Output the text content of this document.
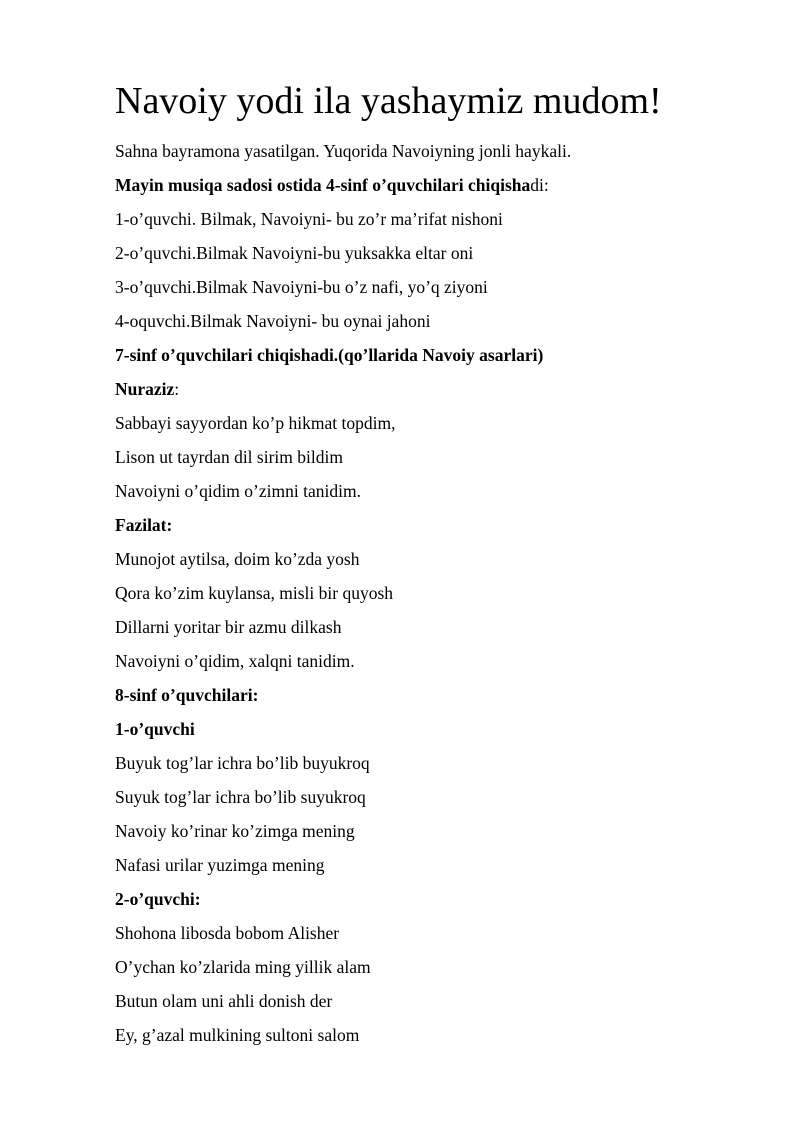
Navoiy yodi ila yashaymiz mudom!
Sahna bayramona yasatilgan. Yuqorida Navoiyning jonli haykali.
Mayin musiqa sadosi ostida 4-sinf o’quvchilari chiqishadi:
1-o’quvchi. Bilmak, Navoiyni- bu zo’r ma’rifat nishoni
2-o’quvchi.Bilmak Navoiyni-bu yuksakka eltar oni
3-o’quvchi.Bilmak Navoiyni-bu o’z nafi, yo’q ziyoni
4-oquvchi.Bilmak Navoiyni- bu oynai jahoni
7-sinf o’quvchilari chiqishadi.(qo’llarida Navoiy asarlari)
Nuraziz:
Sabbayi sayyordan ko’p hikmat topdim,
Lison ut tayrdan dil sirim bildim
Navoiyni o’qidim o’zimni tanidim.
Fazilat:
Munojot aytilsa, doim ko’zda yosh
Qora ko’zim kuylansa, misli bir quyosh
Dillarni yoritar bir azmu dilkash
Navoiyni o’qidim, xalqni tanidim.
8-sinf o’quvchilari:
1-o’quvchi
Buyuk tog’lar ichra bo’lib buyukroq
Suyuk tog’lar ichra bo’lib suyukroq
Navoiy ko’rinar ko’zimga mening
Nafasi urilar yuzimga mening
2-o’quvchi:
Shohona libosda bobom Alisher
O’ychan ko’zlarida ming yillik alam
Butun olam uni ahli donish der
Ey, g’azal mulkining sultoni salom
